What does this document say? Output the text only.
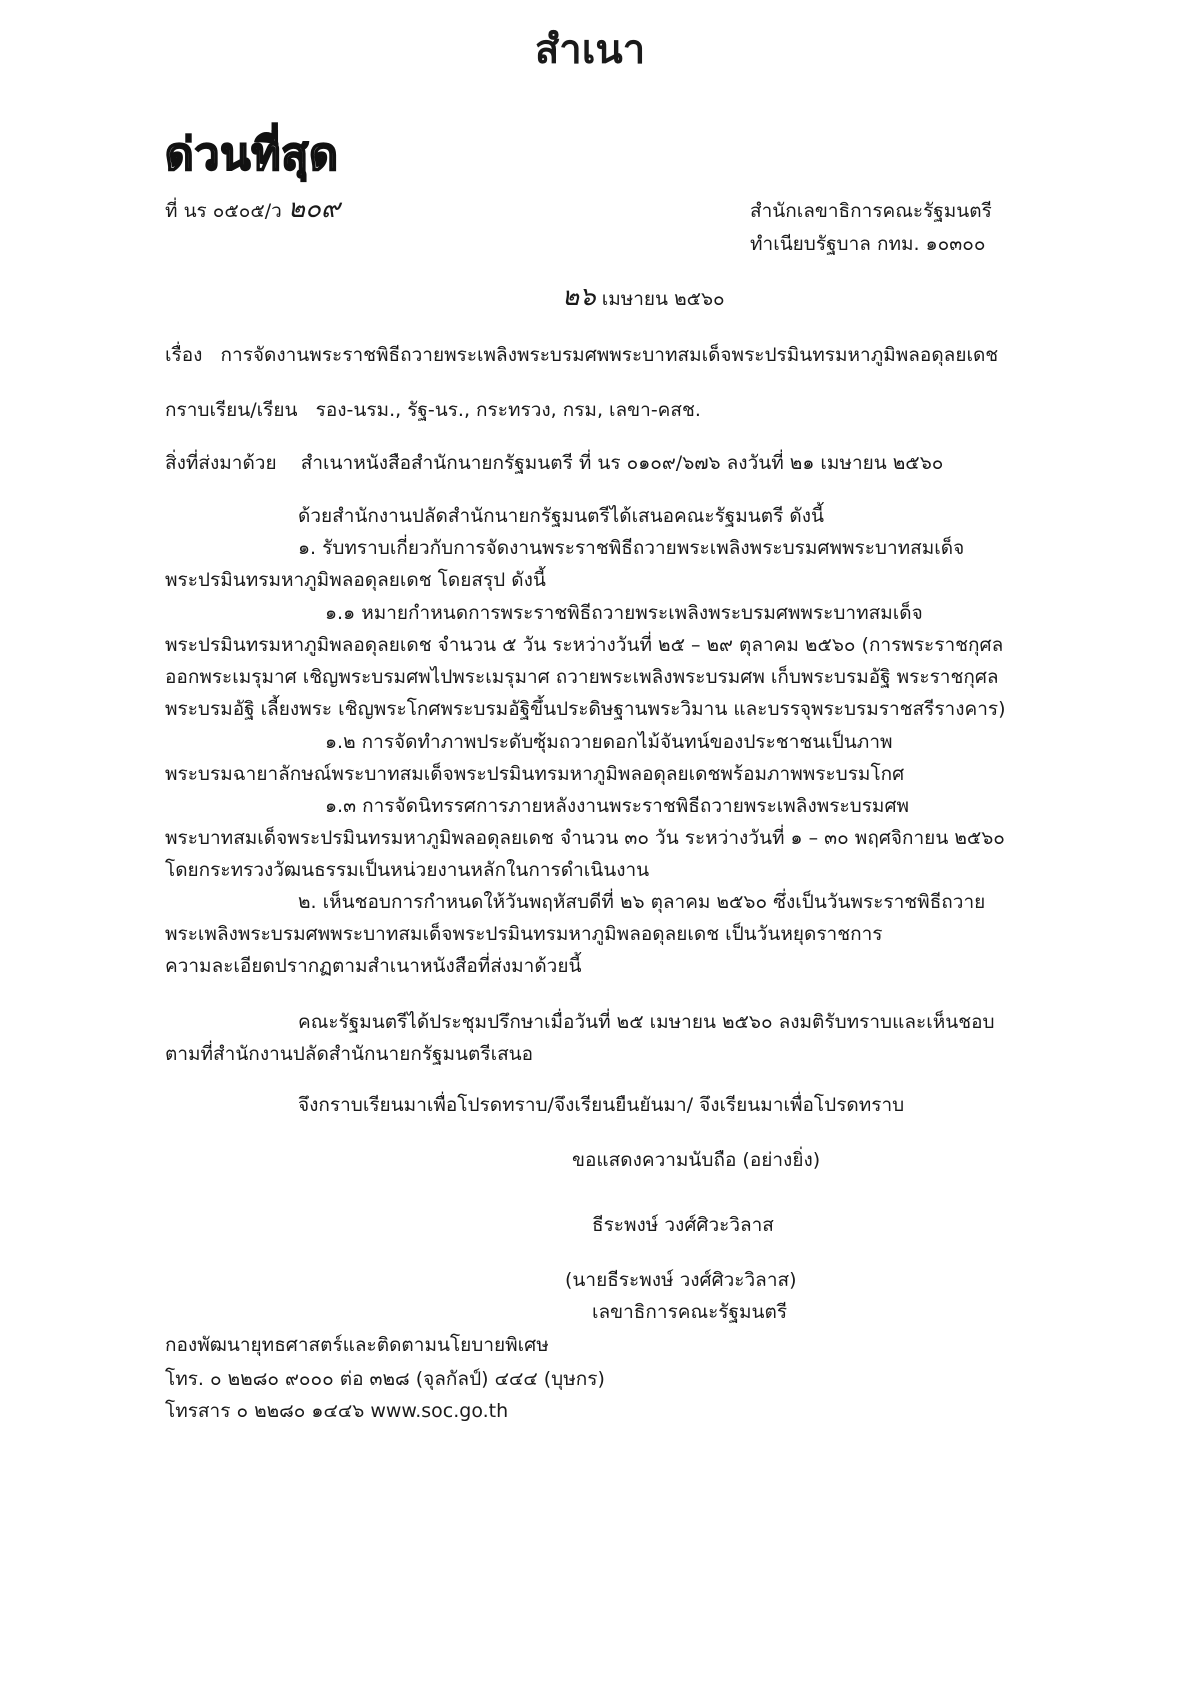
สำเนา
ด่วนที่สุด
ที่ นร ๐๕๐๕/ว ๒๐๙	สำนักเลขาธิการคณะรัฐมนตรี
ทำเนียบรัฐบาล กทม. ๑๐๓๐๐
๒๖ เมษายน ๒๕๖๐
เรื่อง การจัดงานพระราชพิธีถวายพระเพลิงพระบรมศพพระบาทสมเด็จพระปรมินทรมหาภูมิพลอดุลยเดช
กราบเรียน/เรียน รอง-นรม., รัฐ-นร., กระทรวง, กรม, เลขา-คสช.
สิ่งที่ส่งมาด้วย สำเนาหนังสือสำนักนายกรัฐมนตรี ที่ นร ๐๑๐๙/๖๗๖ ลงวันที่ ๒๑ เมษายน ๒๕๖๐
ด้วยสำนักงานปลัดสำนักนายกรัฐมนตรีได้เสนอคณะรัฐมนตรี ดังนี้
๑. รับทราบเกี่ยวกับการจัดงานพระราชพิธีถวายพระเพลิงพระบรมศพพระบาทสมเด็จ
พระปรมินทรมหาภูมิพลอดุลยเดช โดยสรุป ดังนี้
๑.๑ หมายกำหนดการพระราชพิธีถวายพระเพลิงพระบรมศพพระบาทสมเด็จ
พระปรมินทรมหาภูมิพลอดุลยเดช จำนวน ๕ วัน ระหว่างวันที่ ๒๕ – ๒๙ ตุลาคม ๒๕๖๐ (การพระราชกุศล
ออกพระเมรุมาศ เชิญพระบรมศพไปพระเมรุมาศ ถวายพระเพลิงพระบรมศพ เก็บพระบรมอัฐิ พระราชกุศล
พระบรมอัฐิ เลี้ยงพระ เชิญพระโกศพระบรมอัฐิขึ้นประดิษฐานพระวิมาน และบรรจุพระบรมราชสรีรางคาร)
๑.๒ การจัดทำภาพประดับซุ้มถวายดอกไม้จันทน์ของประชาชนเป็นภาพ
พระบรมฉายาลักษณ์พระบาทสมเด็จพระปรมินทรมหาภูมิพลอดุลยเดชพร้อมภาพพระบรมโกศ
๑.๓ การจัดนิทรรศการภายหลังงานพระราชพิธีถวายพระเพลิงพระบรมศพ
พระบาทสมเด็จพระปรมินทรมหาภูมิพลอดุลยเดช จำนวน ๓๐ วัน ระหว่างวันที่ ๑ – ๓๐ พฤศจิกายน ๒๕๖๐
โดยกระทรวงวัฒนธรรมเป็นหน่วยงานหลักในการดำเนินงาน
๒. เห็นชอบการกำหนดให้วันพฤหัสบดีที่ ๒๖ ตุลาคม ๒๕๖๐ ซึ่งเป็นวันพระราชพิธีถวาย
พระเพลิงพระบรมศพพระบาทสมเด็จพระปรมินทรมหาภูมิพลอดุลยเดช เป็นวันหยุดราชการ
ความละเอียดปรากฏตามสำเนาหนังสือที่ส่งมาด้วยนี้
คณะรัฐมนตรีได้ประชุมปรึกษาเมื่อวันที่ ๒๕ เมษายน ๒๕๖๐ ลงมติรับทราบและเห็นชอบ
ตามที่สำนักงานปลัดสำนักนายกรัฐมนตรีเสนอ
จึงกราบเรียนมาเพื่อโปรดทราบ/จึงเรียนยืนยันมา/ จึงเรียนมาเพื่อโปรดทราบ
ขอแสดงความนับถือ (อย่างยิ่ง)
ธีระพงษ์ วงศ์ศิวะวิลาส
(นายธีระพงษ์ วงศ์ศิวะวิลาส)
เลขาธิการคณะรัฐมนตรี
กองพัฒนายุทธศาสตร์และติดตามนโยบายพิเศษ
โทร. ๐ ๒๒๘๐ ๙๐๐๐ ต่อ ๓๒๘ (จุลกัลป์) ๔๔๔ (บุษกร)
โทรสาร ๐ ๒๒๘๐ ๑๔๔๖ www.soc.go.th
